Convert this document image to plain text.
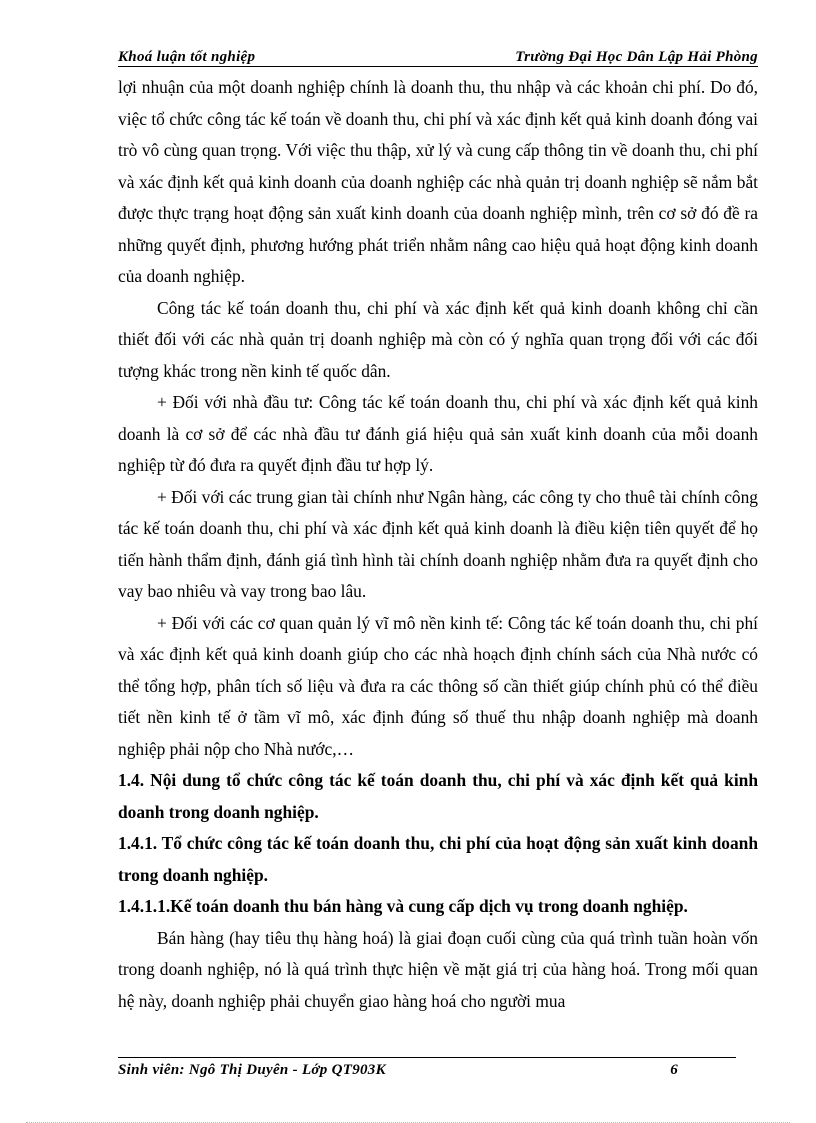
Khoá luận tốt nghiệp	Trường Đại Học Dân Lập Hải Phòng

lợi nhuận của một doanh nghiệp chính là doanh thu, thu nhập và các khoản chi phí. Do đó, việc tổ chức công tác kế toán về doanh thu, chi phí và xác định kết quả kinh doanh đóng vai trò vô cùng quan trọng. Với việc thu thập, xử lý và cung cấp thông tin về doanh thu, chi phí và xác định kết quả kinh doanh của doanh nghiệp các nhà quản trị doanh nghiệp sẽ nắm bắt được thực trạng hoạt động sản xuất kinh doanh của doanh nghiệp mình, trên cơ sở đó đề ra những quyết định, phương hướng phát triển nhằm nâng cao hiệu quả hoạt động kinh doanh của doanh nghiệp.

Công tác kế toán doanh thu, chi phí và xác định kết quả kinh doanh không chỉ cần thiết đối với các nhà quản trị doanh nghiệp mà còn có ý nghĩa quan trọng đối với các đối tượng khác trong nền kinh tế quốc dân.

+ Đối với nhà đầu tư: Công tác kế toán doanh thu, chi phí và xác định kết quả kinh doanh là cơ sở để các nhà đầu tư đánh giá hiệu quả sản xuất kinh doanh của mỗi doanh nghiệp từ đó đưa ra quyết định đầu tư hợp lý.

+ Đối với các trung gian tài chính như Ngân hàng, các công ty cho thuê tài chính công tác kế toán doanh thu, chi phí và xác định kết quả kinh doanh là điều kiện tiên quyết để họ tiến hành thẩm định, đánh giá tình hình tài chính doanh nghiệp nhằm đưa ra quyết định cho vay bao nhiêu và vay trong bao lâu.

+ Đối với các cơ quan quản lý vĩ mô nền kinh tế: Công tác kế toán doanh thu, chi phí và xác định kết quả kinh doanh giúp cho các nhà hoạch định chính sách của Nhà nước có thể tổng hợp, phân tích số liệu và đưa ra các thông số cần thiết giúp chính phủ có thể điều tiết nền kinh tế ở tầm vĩ mô, xác định đúng số thuế thu nhập doanh nghiệp mà doanh nghiệp phải nộp cho Nhà nước,…

1.4. Nội dung tổ chức công tác kế toán doanh thu, chi phí và xác định kết quả kinh doanh trong doanh nghiệp.

1.4.1. Tổ chức công tác kế toán doanh thu, chi phí của hoạt động sản xuất kinh doanh trong doanh nghiệp.

1.4.1.1.Kế toán doanh thu bán hàng và cung cấp dịch vụ trong doanh nghiệp.

Bán hàng (hay tiêu thụ hàng hoá) là giai đoạn cuối cùng của quá trình tuần hoàn vốn trong doanh nghiệp, nó là quá trình thực hiện về mặt giá trị của hàng hoá. Trong mối quan hệ này, doanh nghiệp phải chuyển giao hàng hoá cho người mua

Sinh viên: Ngô Thị Duyên - Lớp QT903K	6
